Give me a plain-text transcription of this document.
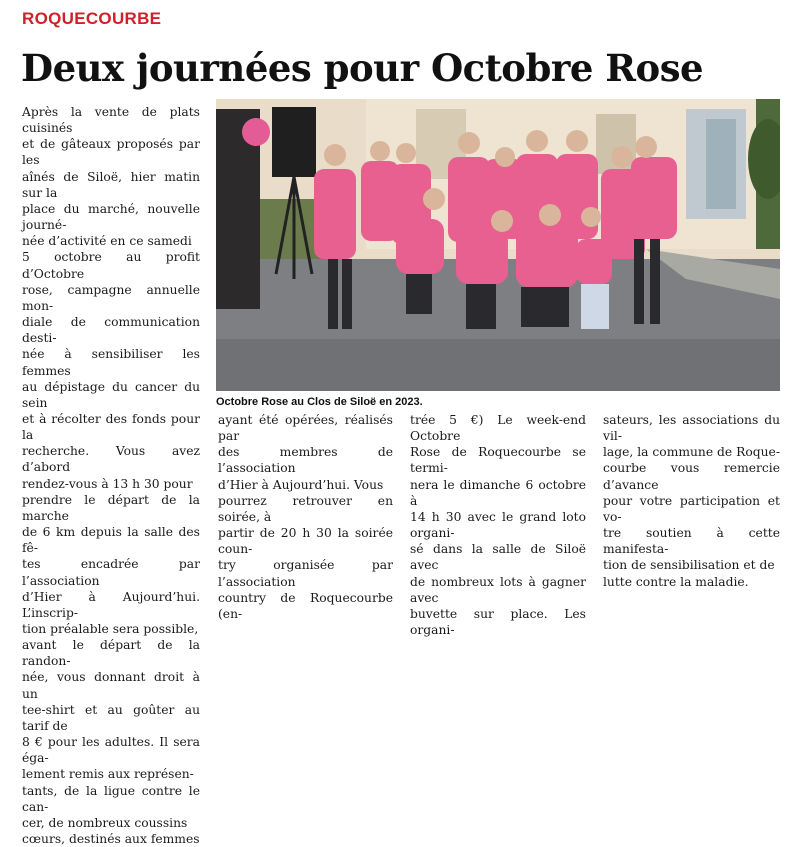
ROQUECOURBE
Deux journées pour Octobre Rose
Après la vente de plats cuisinés
et de gâteaux proposés par les
aînés de Siloë, hier matin sur la
place du marché, nouvelle journé-
née d’activité en ce samedi
5 octobre au profit d’Octobre
rose, campagne annuelle mon-
diale de communication desti-
née à sensibiliser les femmes
au dépistage du cancer du sein
et à récolter des fonds pour la
recherche. Vous avez d’abord
rendez-vous à 13 h 30 pour
prendre le départ de la marche
de 6 km depuis la salle des fê-
tes encadrée par l’association
d’Hier à Aujourd’hui. L’inscrip-
tion préalable sera possible,
avant le départ de la randon-
née, vous donnant droit à un
tee-shirt et au goûter au tarif de
8 € pour les adultes. Il sera éga-
lement remis aux représen-
tants, de la ligue contre le can-
cer, de nombreux coussins
cœurs, destinés aux femmes
Octobre Rose au Clos de Siloë en 2023.
ayant été opérées, réalisés par
des membres de l’association
d’Hier à Aujourd’hui. Vous
pourrez retrouver en soirée, à
partir de 20 h 30 la soirée coun-
try organisée par l’association
country de Roquecourbe (en-
trée 5 €) Le week-end Octobre
Rose de Roquecourbe se termi-
nera le dimanche 6 octobre à
14 h 30 avec le grand loto organi-
sé dans la salle de Siloë avec
de nombreux lots à gagner avec
buvette sur place. Les organi-
sateurs, les associations du vil-
lage, la commune de Roque-
courbe vous remercie d’avance
pour votre participation et vo-
tre soutien à cette manifesta-
tion de sensibilisation et de
lutte contre la maladie.
